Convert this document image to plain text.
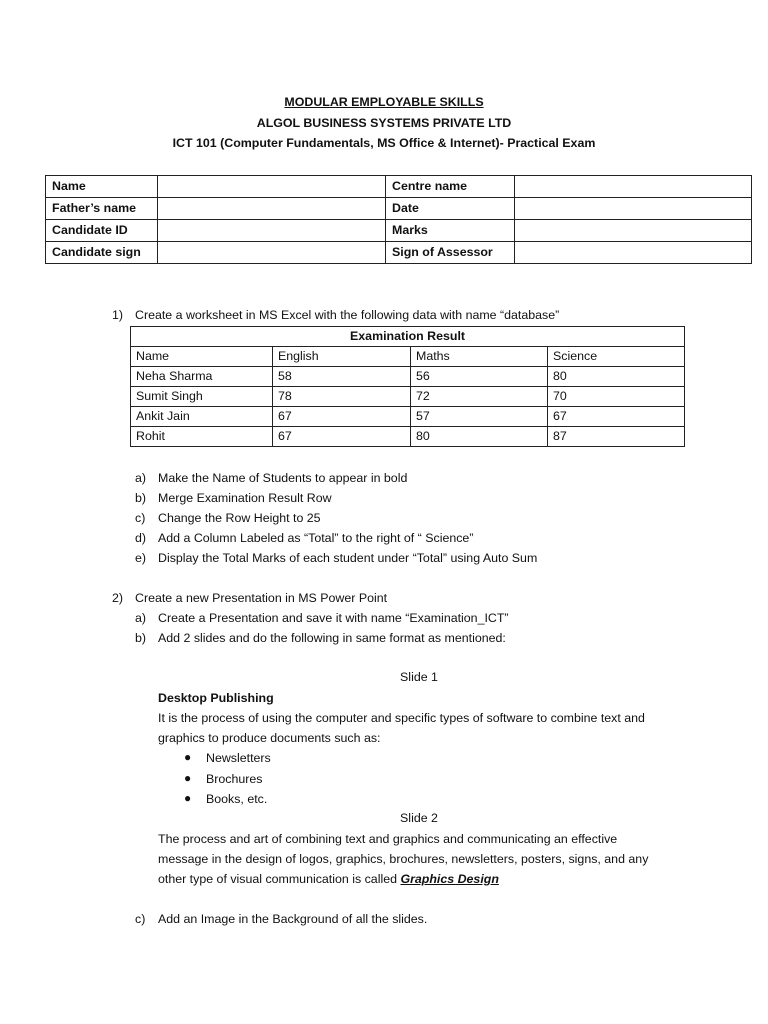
MODULAR EMPLOYABLE SKILLS
ALGOL BUSINESS SYSTEMS PRIVATE LTD
ICT 101 (Computer Fundamentals, MS Office & Internet)- Practical Exam
Name		Centre name	
Father’s name		Date	
Candidate ID		Marks	
Candidate sign		Sign of Assessor	
1) Create a worksheet in MS Excel with the following data with name “database”
Examination Result			
Name	English	Maths	Science
Neha Sharma	58	56	80
Sumit Singh	78	72	70
Ankit Jain	67	57	67
Rohit	67	80	87
a) Make the Name of Students to appear in bold
b) Merge Examination Result Row
c) Change the Row Height to 25
d) Add a Column Labeled as “Total” to the right of “ Science”
e) Display the Total Marks of each student under “Total” using Auto Sum
2) Create a new Presentation in MS Power Point
a) Create a Presentation and save it with name “Examination_ICT”
b) Add 2 slides and do the following in same format as mentioned:
Slide 1
Desktop Publishing
It is the process of using the computer and specific types of software to combine text and
graphics to produce documents such as:
● Newsletters
● Brochures
● Books, etc.
Slide 2
The process and art of combining text and graphics and communicating an effective
message in the design of logos, graphics, brochures, newsletters, posters, signs, and any
other type of visual communication is called Graphics Design
c) Add an Image in the Background of all the slides.
